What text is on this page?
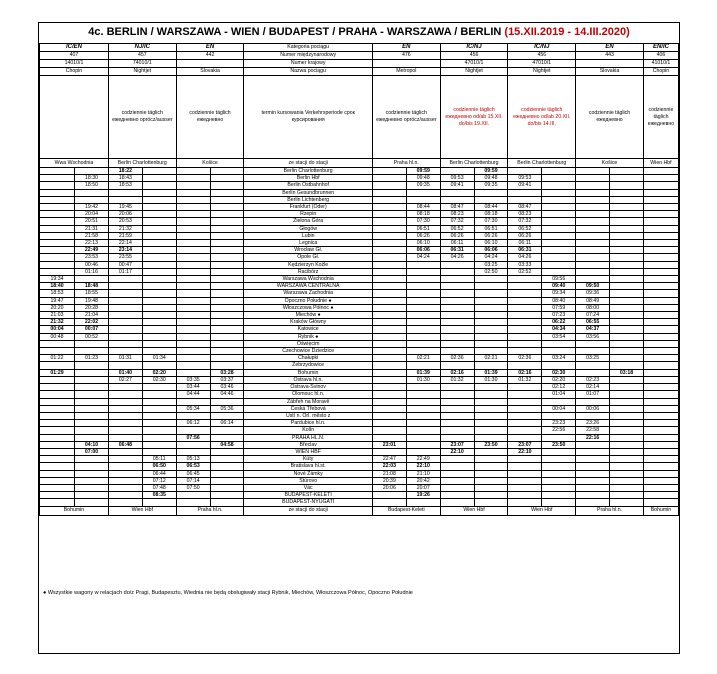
4c. BERLIN / WARSZAWA - WIEN / BUDAPEST / PRAHA - WARSZAWA / BERLIN (15.XII.2019 - 14.III.2020)
IC/EN		NJ/IC		EN		Kategoria pociągu	EN		IC/NJ		IC/NJ		EN		EN/IC
407		457		442		Numer międzynarodowy	476		456		456		443		406
14010/1		74010/1				Numer krajowy			47010/1		47010/1				41010/1
Chopin		Nightjet		Slovakia		Nazwa pociągu	Metropol		Nightjet		Nightjet		Slovakia		Chopin
		codziennie täglich ежедневно oprócz/ausser		codziennie täglich ежедневно		termin kursowania Verkehrsperiode срок курсирования	codziennie täglich ежедневно oprócz/ausser		codziennie täglich ежедневно od/ab 15.XII. do/bis 19.XII.		codziennie täglich ежедневно od/ab 20.XII. do/bis 14.III.		codziennie täglich ежедневно		codziennie täglich ежедневно
Wwa Wschodnia		Berlin Charlottenburg		Košice		ze stacji do stacji	Praha hl.n.		Berlin Charlottenburg		Berlin Charlottenburg		Košice		Wien Hbf
		18:22				Berlin Charlottenburg		09:59		09:59					
	18:30	18:43				Berlin Hbf		09:48	09:53	09:48	09:53				
	18:50	18:53				Berlin Ostbahnhof		09:35	09:41	09:35	09:41				
						Berlin Gesundbrunnen									
						Berlin Lichtenberg									
	19:42	19:45				Frankfurt (Oder)		08:44	08:47	08:44	08:47				
	20:04	20:06				Rzepin		08:18	08:23	08:18	08:23				
	20:51	20:53				Zielona Góra		07:30	07:32	07:30	07:32				
	21:31	21:32				Głogów		06:51	06:52	06:51	06:52				
	21:58	21:59				Lubin		06:26	06:26	06:26	06:26				
	22:13	22:14				Legnica		06:10	06:11	06:10	06:11				
	22:49	23:14				Wrocław Gł.		06:06	06:31	06:06	06:31				
	23:53	23:55				Opole Gł.		04:24	04:26	04:24	04:26				
	00:46	00:47				Kędzierzyn Koźle				03:25	03:33				
	01:16	01:17				Racibórz				02:50	02:52				
19:34						Warszawa Wschodnia						09:56			
18:40	18:48					WARSZAWA CENTRALNA						09:40	09:50		
18:53	18:55					Warszawa Zachodnia						09:34	09:36		
19:47	19:48					Opoczno Południe ●						08:40	08:49		
20:20	20:28					Włoszczowa Północ ●						07:59	08:00		
21:03	21:04					Miechów ●						07:23	07:24		
21:32	22:02					Kraków Główny						06:22	06:55		
00:04	00:07					Katowice						04:34	04:37		
00:48	00:52					Rybnik ●						03:54	03:56		
						Oświęcim									
						Czechowice Dziedzice									
01:22	01:23	01:31	01:34			Chałupki		02:21	02:36	02:21	02:36	03:24	03:25		
						Zebrzydowice									
01:29		01:40	02:20		03:28	Bohumin		01:39	02:16	01:39	02:16	02:30		03:18	
		02:27	02:30	03:35	03:37	Ostrava hl.n.		01:30	01:32	01:30	01:32	02:20	02:23		
				03:44	03:46	Ostrava-Svinov						02:12	02:14		
				04:44	04:46	Olomouc hl.n.						01:04	01:07		
						Zábřeh na Moravě									
				05:34	05:36	Česká Třebová						00:04	00:06		
						Ústí n. Orl. město z									
				06:12	06:14	Pardubice hl.n.						23:23	23:26		
						Kolín						22:56	22:58		
				07:56		PRAHA HL.N.							22:16		
	04:10	06:48			04:58	Břeclav	23:01		23:07	23:50	23:07	23:50			
	07:00					WIEN HBF			22:10		22:10				
			05:11	05:13		Kúty	22:47	22:49							
			06:50	06:53		Bratislava hl.st.	22:03	22:10							
			06:44	06:45		Nové Zámky	21:08	21:10							
			07:12	07:14		Štúrovo	20:39	20:42							
			07:48	07:50		Vác	20:06	20:07							
			08:35			BUDAPEST-KELETI		19:26							
						BUDAPEST-NYUGATI									
Bohumin		Wien Hbf		Praha hl.n.		ze stacji do stacji	Budapest-Keleti		Wien Hbf		Wien Hbf		Praha hl.n.		Bohumin
● Wszystkie wagony w relacjach do/z Pragi, Budapesztu, Wiednia nie będą obsługiwały stacji Rybnik, Miechów, Włoszczowa Północ, Opoczno Południe
